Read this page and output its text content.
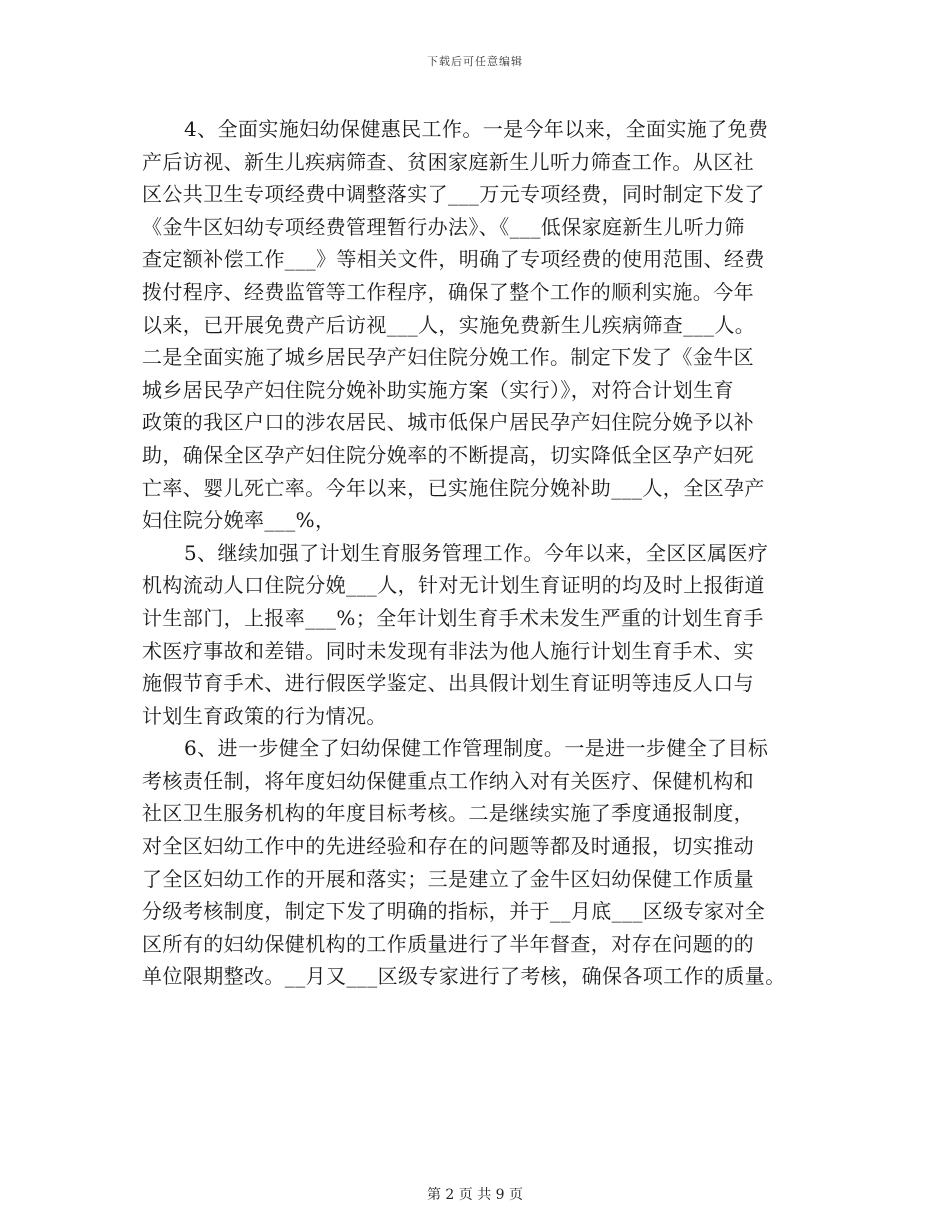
下载后可任意编辑
4、全面实施妇幼保健惠民工作。一是今年以来，全面实施了免费
产后访视、新生儿疾病筛查、贫困家庭新生儿听力筛查工作。从区社
区公共卫生专项经费中调整落实了___万元专项经费，同时制定下发了
《金牛区妇幼专项经费管理暂行办法》、《___低保家庭新生儿听力筛
查定额补偿工作___》等相关文件，明确了专项经费的使用范围、经费
拨付程序、经费监管等工作程序，确保了整个工作的顺利实施。今年
以来，已开展免费产后访视___人，实施免费新生儿疾病筛查___人。
二是全面实施了城乡居民孕产妇住院分娩工作。制定下发了《金牛区
城乡居民孕产妇住院分娩补助实施方案（实行）》，对符合计划生育
政策的我区户口的涉农居民、城市低保户居民孕产妇住院分娩予以补
助，确保全区孕产妇住院分娩率的不断提高，切实降低全区孕产妇死
亡率、婴儿死亡率。今年以来，已实施住院分娩补助___人，全区孕产
妇住院分娩率___%，
5、继续加强了计划生育服务管理工作。今年以来，全区区属医疗
机构流动人口住院分娩___人，针对无计划生育证明的均及时上报街道
计生部门，上报率___%；全年计划生育手术未发生严重的计划生育手
术医疗事故和差错。同时未发现有非法为他人施行计划生育手术、实
施假节育手术、进行假医学鉴定、出具假计划生育证明等违反人口与
计划生育政策的行为情况。
6、进一步健全了妇幼保健工作管理制度。一是进一步健全了目标
考核责任制，将年度妇幼保健重点工作纳入对有关医疗、保健机构和
社区卫生服务机构的年度目标考核。二是继续实施了季度通报制度，
对全区妇幼工作中的先进经验和存在的问题等都及时通报，切实推动
了全区妇幼工作的开展和落实；三是建立了金牛区妇幼保健工作质量
分级考核制度，制定下发了明确的指标，并于__月底___区级专家对全
区所有的妇幼保健机构的工作质量进行了半年督查，对存在问题的的
单位限期整改。__月又___区级专家进行了考核，确保各项工作的质量。
第 2 页 共 9 页
